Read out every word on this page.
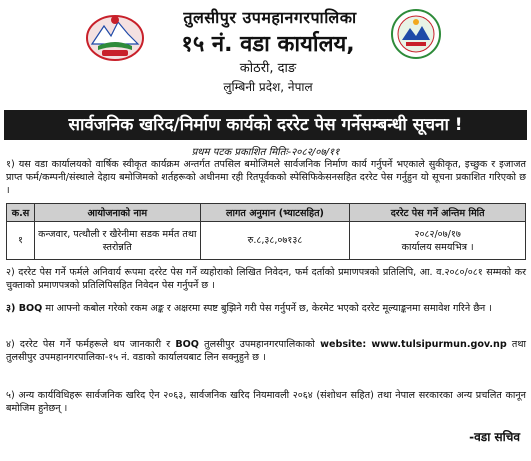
तुलसीपुर उपमहानगरपालिका
१५ नं. वडा कार्यालय,
कोठरी, दाङ
लुम्बिनी प्रदेश, नेपाल
सार्वजनिक खरिद/निर्माण कार्यको दररेट पेस गर्नेसम्बन्धी सूचना !
प्रथम पटक प्रकाशित मितिः-२०८२/०७/११

१) यस वडा कार्यालयको वार्षिक स्वीकृत कार्यक्रम अन्तर्गत तपसिल बमोजिमले सार्वजनिक निर्माण कार्य गर्नुपर्ने भएकाले सुकीकृत, इच्छुक र इजाजत प्राप्त फर्म/कम्पनी/संस्थाले देहाय बमोजिमको शर्तहरूको अधीनमा रही रितपूर्वकको स्पेसिफिकेसनसहित दररेट पेस गर्नुहुन यो सूचना प्रकाशित गरिएको छ ।

क.स	आयोजनाको नाम	लागत अनुमान (भ्याटसहित)	दररेट पेस गर्ने अन्तिम मिति
१	कन्जवार, पत्थौली र खैरेनीमा सडक मर्मत तथा स्तरोन्नति	रु.८,३८,०७१३८	२०८२/०७/१७
कार्यालय समयभित्र ।

२) दररेट पेस गर्ने फर्मले अनिवार्य रूपमा दररेट पेस गर्ने व्यहोराको लिखित निवेदन, फर्म दर्ताको प्रमाणपत्रको प्रतिलिपि, आ. व.२०८०/०८१ सम्मको कर चुक्ताको प्रमाणपत्रको प्रतिलिपिसहित निवेदन पेस गर्नुपर्ने छ ।

३) BOQ मा आफ्नो कबोल गरेको रकम अङ्क र अक्षरमा स्पष्ट बुझिने गरी पेस गर्नुपर्ने छ, केरमेट भएको दररेट मूल्याङ्कनमा समावेश गरिने छैन ।

४) दररेट पेस गर्ने फर्महरूले थप जानकारी र BOQ तुलसीपुर उपमहानगरपालिकाको website: www.tulsipurmun.gov.np तथा तुलसीपुर उपमहानगरपालिका-१५ नं. वडाको कार्यालयबाट लिन सक्नुहुने छ ।

५) अन्य कार्यविधिहरू सार्वजनिक खरिद ऐन २०६३, सार्वजनिक खरिद नियमावली २०६४ (संशोधन सहित) तथा नेपाल सरकारका अन्य प्रचलित कानून बमोजिम हुनेछन् ।

-वडा सचिव
